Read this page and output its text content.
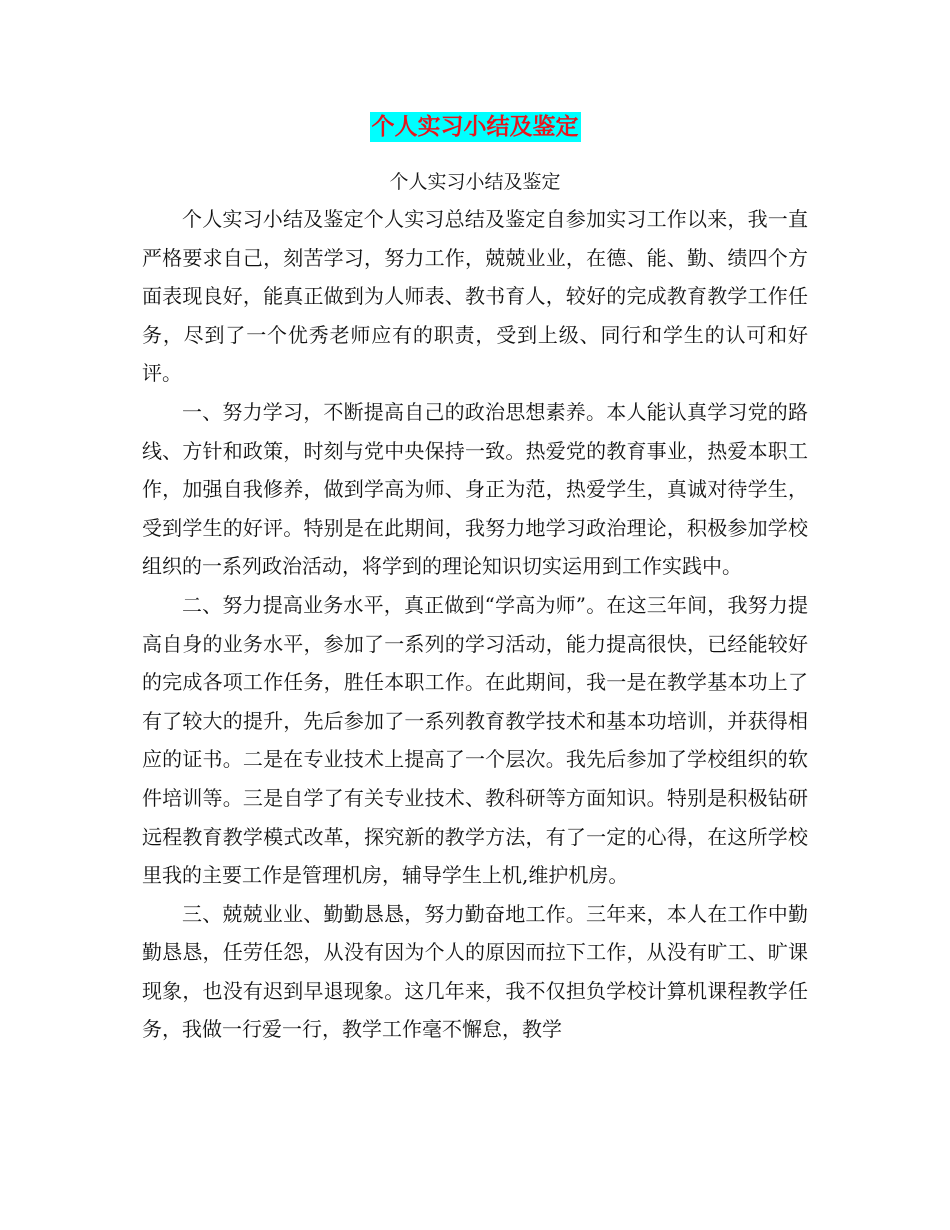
个人实习小结及鉴定
个人实习小结及鉴定

个人实习小结及鉴定个人实习总结及鉴定自参加实习工作以来，我一直严格要求自己，刻苦学习，努力工作，兢兢业业，在德、能、勤、绩四个方面表现良好，能真正做到为人师表、教书育人，较好的完成教育教学工作任务，尽到了一个优秀老师应有的职责，受到上级、同行和学生的认可和好评。

一、努力学习，不断提高自己的政治思想素养。本人能认真学习党的路线、方针和政策，时刻与党中央保持一致。热爱党的教育事业，热爱本职工作，加强自我修养，做到学高为师、身正为范，热爱学生，真诚对待学生，受到学生的好评。特别是在此期间，我努力地学习政治理论，积极参加学校组织的一系列政治活动，将学到的理论知识切实运用到工作实践中。

二、努力提高业务水平，真正做到“学高为师”。在这三年间，我努力提高自身的业务水平，参加了一系列的学习活动，能力提高很快，已经能较好的完成各项工作任务，胜任本职工作。在此期间，我一是在教学基本功上了有了较大的提升，先后参加了一系列教育教学技术和基本功培训，并获得相应的证书。二是在专业技术上提高了一个层次。我先后参加了学校组织的软件培训等。三是自学了有关专业技术、教科研等方面知识。特别是积极钻研远程教育教学模式改革，探究新的教学方法，有了一定的心得，在这所学校里我的主要工作是管理机房，辅导学生上机,维护机房。

三、兢兢业业、勤勤恳恳，努力勤奋地工作。三年来，本人在工作中勤勤恳恳，任劳任怨，从没有因为个人的原因而拉下工作，从没有旷工、旷课现象，也没有迟到早退现象。这几年来，我不仅担负学校计算机课程教学任务，我做一行爱一行，教学工作毫不懈怠，教学
